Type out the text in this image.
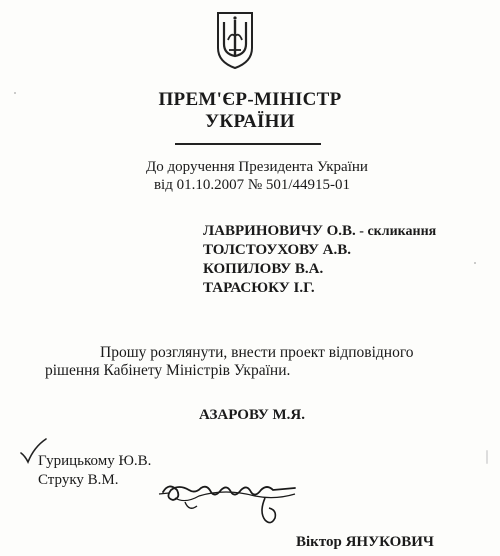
ПРЕМ'ЄР-МІНІСТР
УКРАЇНИ
До доручення Президента України
від 01.10.2007 № 501/44915-01
ЛАВРИНОВИЧУ О.В. - скликання
ТОЛСТОУХОВУ А.В.
КОПИЛОВУ В.А.
ТАРАСЮКУ І.Г.
Прошу розглянути, внести проект відповідного
рішення Кабінету Міністрів України.
АЗАРОВУ М.Я.
Гурицькому Ю.В.
Струку В.М.
Віктор ЯНУКОВИЧ
